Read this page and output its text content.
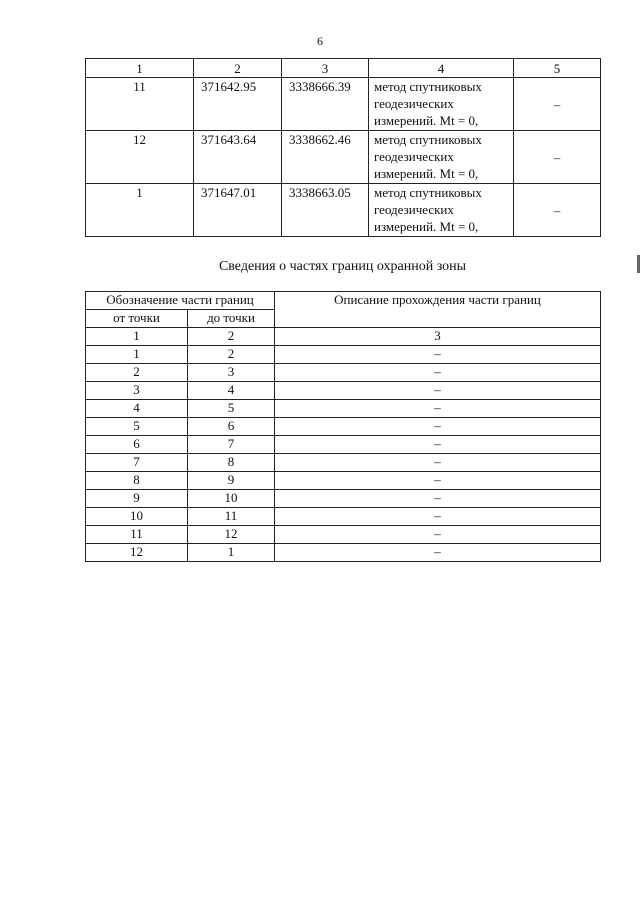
6
1	2	3	4	5
11	371642.95	3338666.39	метод спутниковых
геодезических
измерений. Mt = 0,	–
12	371643.64	3338662.46	метод спутниковых
геодезических
измерений. Mt = 0,	–
1	371647.01	3338663.05	метод спутниковых
геодезических
измерений. Mt = 0,	–
Сведения о частях границ охранной зоны
Обозначение части границ		Описание прохождения части границ
от точки	до точки	
1	2	3
1	2	–
2	3	–
3	4	–
4	5	–
5	6	–
6	7	–
7	8	–
8	9	–
9	10	–
10	11	–
11	12	–
12	1	–
